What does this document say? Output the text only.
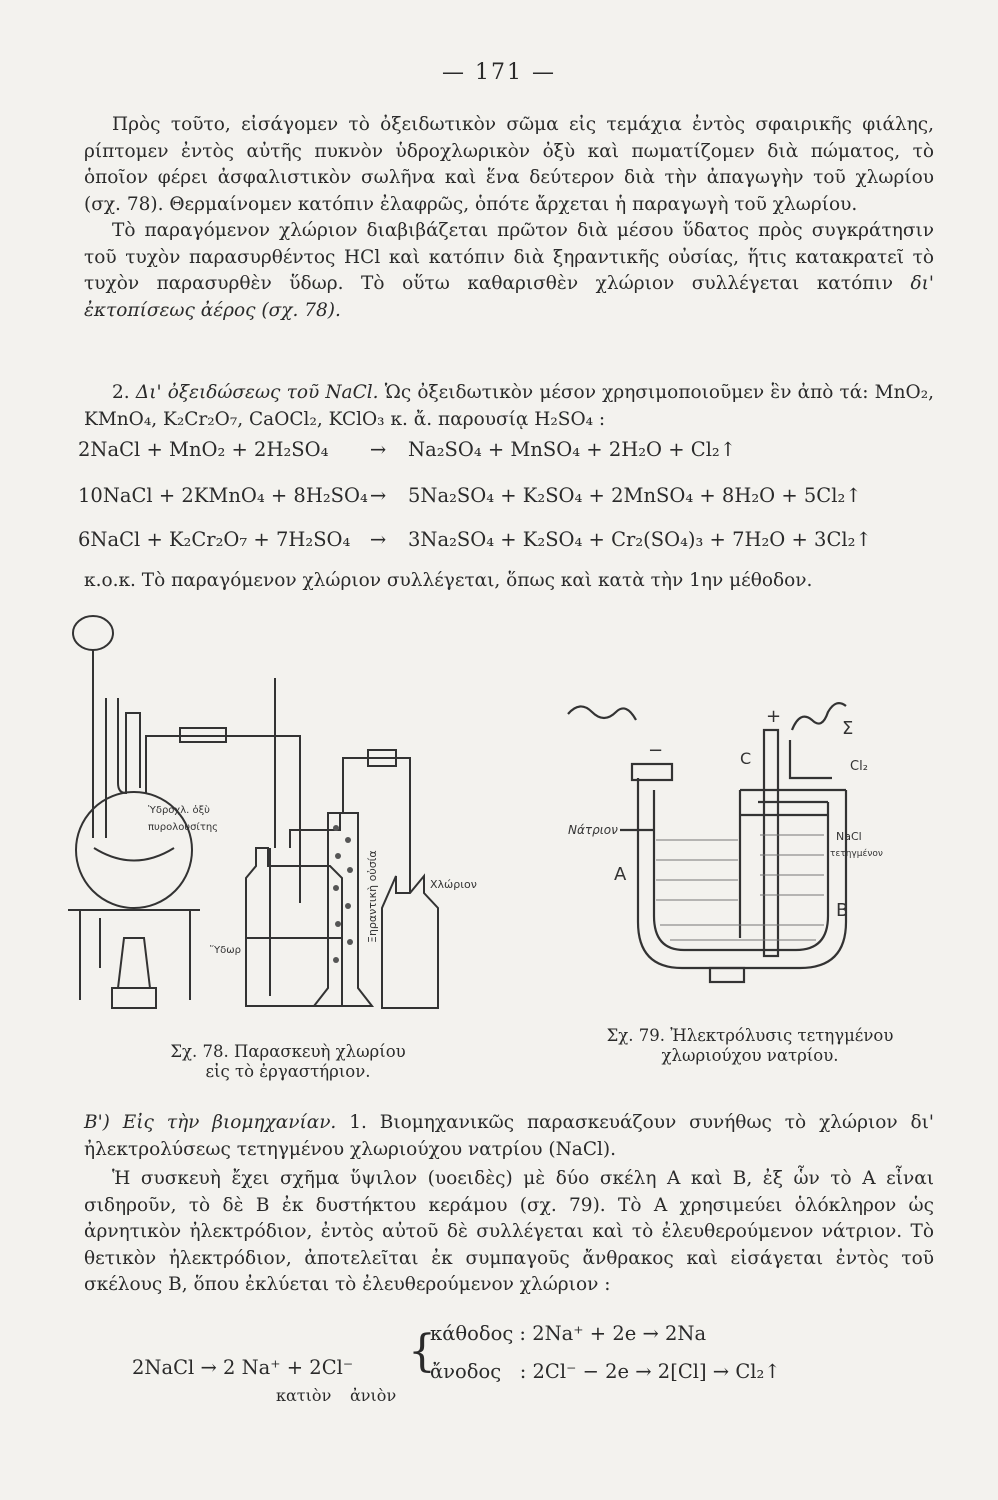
— 171 —
Πρὸς τοῦτο, εἰσάγομεν τὸ ὀξειδωτικὸν σῶμα εἰς τεμάχια ἐντὸς σφαιρικῆς φιάλης, ρίπτομεν ἐντὸς αὐτῆς πυκνὸν ὑδροχλωρικὸν ὀξὺ καὶ πωματίζομεν διὰ πώματος, τὸ ὁποῖον φέρει ἀσφαλιστικὸν σωλῆνα καὶ ἕνα δεύτερον διὰ τὴν ἀπαγωγὴν τοῦ χλωρίου (σχ. 78). Θερμαίνομεν κατόπιν ἐλαφρῶς, ὁπότε ἄρχεται ἡ παραγωγὴ τοῦ χλωρίου.
Τὸ παραγόμενον χλώριον διαβιβάζεται πρῶτον διὰ μέσου ὕδατος πρὸς συγκράτησιν τοῦ τυχὸν παρασυρθέντος HCl καὶ κατόπιν διὰ ξηραντικῆς οὐσίας, ἥτις κατακρατεῖ τὸ τυχὸν παρασυρθὲν ὕδωρ. Τὸ οὕτω καθαρισθὲν χλώριον συλλέγεται κατόπιν δι' ἐκτοπίσεως ἀέρος (σχ. 78).
2. Δι' ὀξειδώσεως τοῦ NaCl. Ὡς ὀξειδωτικὸν μέσον χρησιμοποιοῦμεν ἓν ἀπὸ τά: MnO₂, KMnO₄, K₂Cr₂O₇, CaOCl₂, KClO₃ κ. ἄ. παρουσίᾳ H₂SO₄ :
2NaCl + MnO₂ + 2H₂SO₄ → Na₂SO₄ + MnSO₄ + 2H₂O + Cl₂↑
10NaCl + 2KMnO₄ + 8H₂SO₄ → 5Na₂SO₄ + K₂SO₄ + 2MnSO₄ + 8H₂O + 5Cl₂↑
6NaCl + K₂Cr₂O₇ + 7H₂SO₄ → 3Na₂SO₄ + K₂SO₄ + Cr₂(SO₄)₃ + 7H₂O + 3Cl₂↑
κ.ο.κ. Τὸ παραγόμενον χλώριον συλλέγεται, ὅπως καὶ κατὰ τὴν 1ην μέθοδον.
Ὑδροχλ. ὀξὺ
πυρολουσίτης
Ὕδωρ
Ξηραντικὴ οὐσία	Χλώριον
Σχ. 78. Παρασκευὴ χλωρίου
εἰς τὸ ἐργαστήριον.
−
+
C
Σ
Cl₂
Νάτριον
A
B
NaCl
τετηγμένον
Σχ. 79. Ἠλεκτρόλυσις τετηγμένου
χλωριούχου νατρίου.
Β') Εἰς τὴν βιομηχανίαν. 1. Βιομηχανικῶς παρασκευάζουν συνήθως τὸ χλώριον δι' ἠλεκτρολύσεως τετηγμένου χλωριούχου νατρίου (NaCl).
Ἡ συσκευὴ ἔχει σχῆμα ὕψιλον (υοειδὲς) μὲ δύο σκέλη A καὶ B, ἐξ ὧν τὸ A εἶναι σιδηροῦν, τὸ δὲ B ἐκ δυστήκτου κεράμου (σχ. 79). Τὸ A χρησιμεύει ὁλόκληρον ὡς ἀρνητικὸν ἠλεκτρόδιον, ἐντὸς αὐτοῦ δὲ συλλέγεται καὶ τὸ ἐλευθερούμενον νάτριον. Τὸ θετικὸν ἠλεκτρόδιον, ἀποτελεῖται ἐκ συμπαγοῦς ἄνθρακος καὶ εἰσάγεται ἐντὸς τοῦ σκέλους B, ὅπου ἐκλύεται τὸ ἐλευθερούμενον χλώριον :
2NaCl → 2 Na⁺ + 2Cl⁻
κατιὸν ἀνιὸν
{
κάθοδος : 2Na⁺ + 2e → 2Na
ἄνοδος   : 2Cl⁻ − 2e → 2[Cl] → Cl₂↑
